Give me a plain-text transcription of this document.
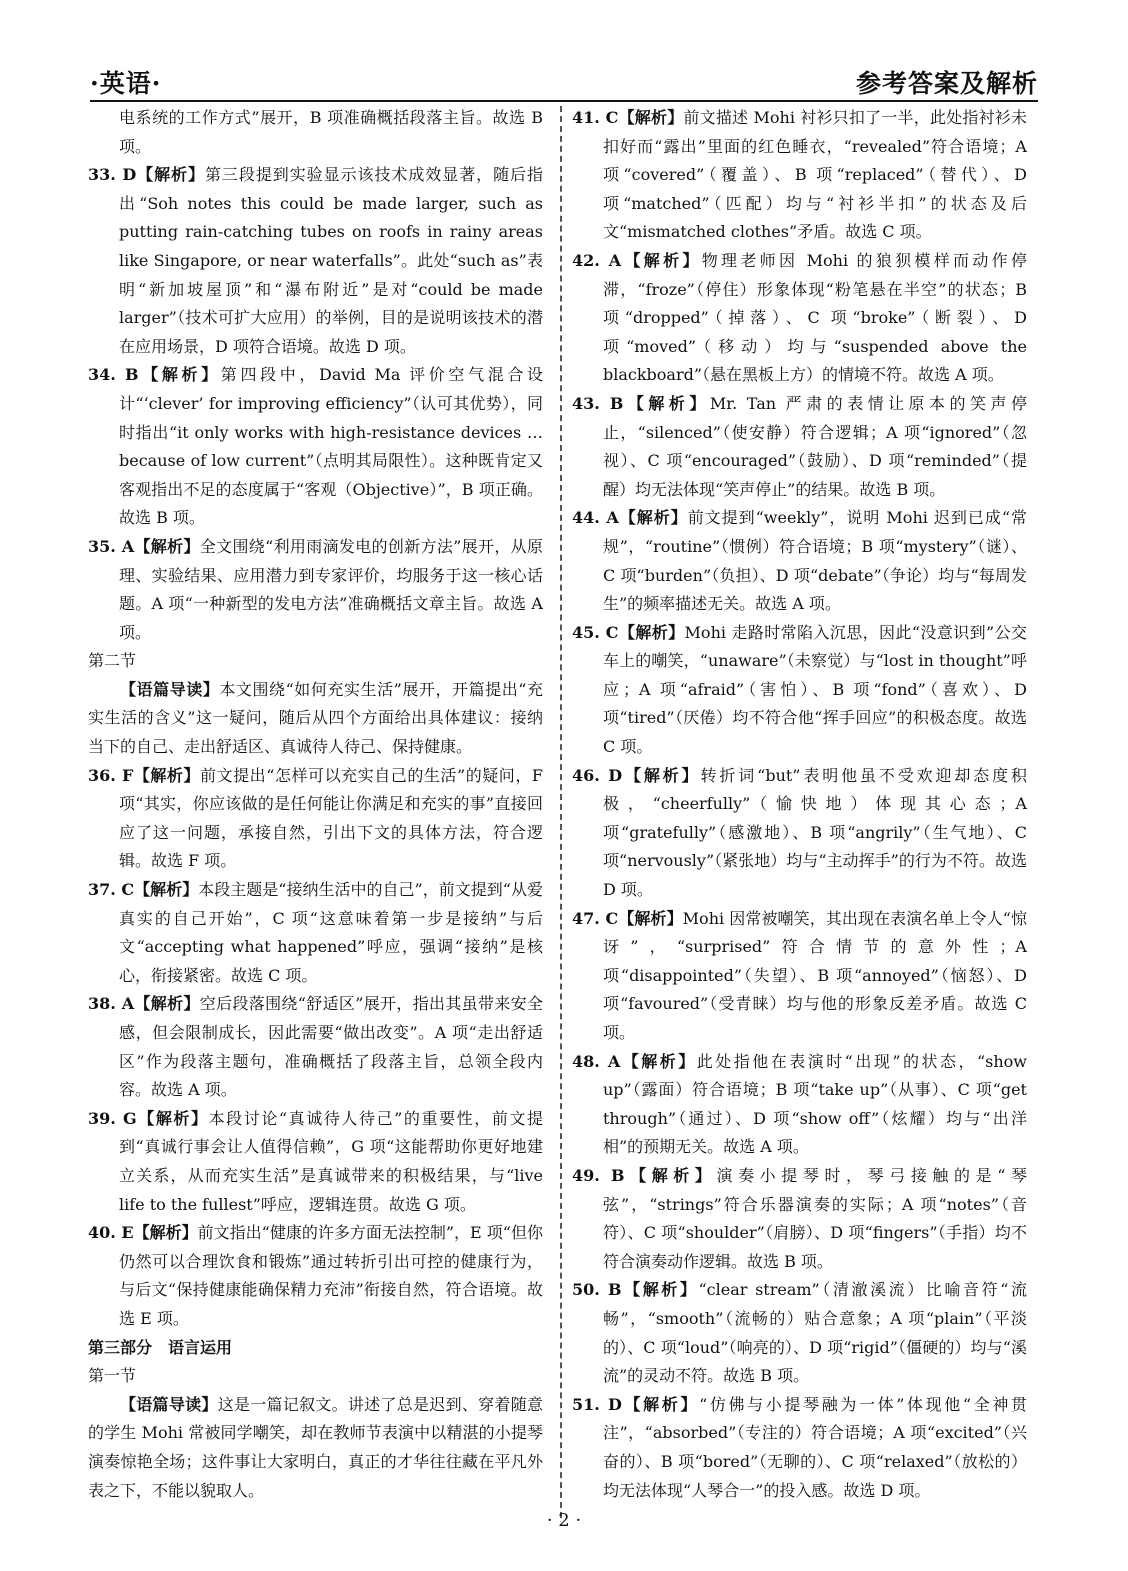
·英语·	参考答案及解析

电系统的工作方式”展开，B 项准确概括段落主旨。故选 B 项。

33. D【解析】第三段提到实验显示该技术成效显著，随后指出“Soh notes this could be made larger, such as putting rain-catching tubes on roofs in rainy areas like Singapore, or near waterfalls”。此处“such as”表明“新加坡屋顶”和“瀑布附近”是对“could be made larger”（技术可扩大应用）的举例，目的是说明该技术的潜在应用场景，D 项符合语境。故选 D 项。

34. B【解析】第四段中，David Ma 评价空气混合设计“‘clever’ for improving efficiency”（认可其优势），同时指出“it only works with high-resistance devices … because of low current”（点明其局限性）。这种既肯定又客观指出不足的态度属于“客观（Objective）”，B 项正确。故选 B 项。

35. A【解析】全文围绕“利用雨滴发电的创新方法”展开，从原理、实验结果、应用潜力到专家评价，均服务于这一核心话题。A 项“一种新型的发电方法”准确概括文章主旨。故选 A 项。

第二节

【语篇导读】本文围绕“如何充实生活”展开，开篇提出“充实生活的含义”这一疑问，随后从四个方面给出具体建议：接纳当下的自己、走出舒适区、真诚待人待己、保持健康。

36. F【解析】前文提出“怎样可以充实自己的生活”的疑问，F 项“其实，你应该做的是任何能让你满足和充实的事”直接回应了这一问题，承接自然，引出下文的具体方法，符合逻辑。故选 F 项。

37. C【解析】本段主题是“接纳生活中的自己”，前文提到“从爱真实的自己开始”，C 项“这意味着第一步是接纳”与后文“accepting what happened”呼应，强调“接纳”是核心，衔接紧密。故选 C 项。

38. A【解析】空后段落围绕“舒适区”展开，指出其虽带来安全感，但会限制成长，因此需要“做出改变”。A 项“走出舒适区”作为段落主题句，准确概括了段落主旨，总领全段内容。故选 A 项。

39. G【解析】本段讨论“真诚待人待己”的重要性，前文提到“真诚行事会让人值得信赖”，G 项“这能帮助你更好地建立关系，从而充实生活”是真诚带来的积极结果，与“live life to the fullest”呼应，逻辑连贯。故选 G 项。

40. E【解析】前文指出“健康的许多方面无法控制”，E 项“但你仍然可以合理饮食和锻炼”通过转折引出可控的健康行为，与后文“保持健康能确保精力充沛”衔接自然，符合语境。故选 E 项。

第三部分　语言运用

第一节

【语篇导读】这是一篇记叙文。讲述了总是迟到、穿着随意的学生 Mohi 常被同学嘲笑，却在教师节表演中以精湛的小提琴演奏惊艳全场；这件事让大家明白，真正的才华往往藏在平凡外表之下，不能以貌取人。

41. C【解析】前文描述 Mohi 衬衫只扣了一半，此处指衬衫未扣好而“露出”里面的红色睡衣，“revealed”符合语境；A 项“covered”（覆盖）、B 项“replaced”（替代）、D 项“matched”（匹配）均与“衬衫半扣”的状态及后文“mismatched clothes”矛盾。故选 C 项。

42. A【解析】物理老师因 Mohi 的狼狈模样而动作停滞，“froze”（停住）形象体现“粉笔悬在半空”的状态；B 项“dropped”（掉落）、C 项“broke”（断裂）、D 项“moved”（移动）均与“suspended above the blackboard”（悬在黑板上方）的情境不符。故选 A 项。

43. B【解析】Mr. Tan 严肃的表情让原本的笑声停止，“silenced”（使安静）符合逻辑；A 项“ignored”（忽视）、C 项“encouraged”（鼓励）、D 项“reminded”（提醒）均无法体现“笑声停止”的结果。故选 B 项。

44. A【解析】前文提到“weekly”，说明 Mohi 迟到已成“常规”，“routine”（惯例）符合语境；B 项“mystery”（谜）、C 项“burden”（负担）、D 项“debate”（争论）均与“每周发生”的频率描述无关。故选 A 项。

45. C【解析】Mohi 走路时常陷入沉思，因此“没意识到”公交车上的嘲笑，“unaware”（未察觉）与“lost in thought”呼应；A 项“afraid”（害怕）、B 项“fond”（喜欢）、D 项“tired”（厌倦）均不符合他“挥手回应”的积极态度。故选 C 项。

46. D【解析】转折词“but”表明他虽不受欢迎却态度积极，“cheerfully”（愉快地）体现其心态；A 项“gratefully”（感激地）、B 项“angrily”（生气地）、C 项“nervously”（紧张地）均与“主动挥手”的行为不符。故选 D 项。

47. C【解析】Mohi 因常被嘲笑，其出现在表演名单上令人“惊讶”，“surprised”符合情节的意外性；A 项“disappointed”（失望）、B 项“annoyed”（恼怒）、D 项“favoured”（受青睐）均与他的形象反差矛盾。故选 C 项。

48. A【解析】此处指他在表演时“出现”的状态，“show up”（露面）符合语境；B 项“take up”（从事）、C 项“get through”（通过）、D 项“show off”（炫耀）均与“出洋相”的预期无关。故选 A 项。

49. B【解析】演奏小提琴时，琴弓接触的是“琴弦”，“strings”符合乐器演奏的实际；A 项“notes”（音符）、C 项“shoulder”（肩膀）、D 项“fingers”（手指）均不符合演奏动作逻辑。故选 B 项。

50. B【解析】“clear stream”（清澈溪流）比喻音符“流畅”，“smooth”（流畅的）贴合意象；A 项“plain”（平淡的）、C 项“loud”（响亮的）、D 项“rigid”（僵硬的）均与“溪流”的灵动不符。故选 B 项。

51. D【解析】“仿佛与小提琴融为一体”体现他“全神贯注”，“absorbed”（专注的）符合语境；A 项“excited”（兴奋的）、B 项“bored”（无聊的）、C 项“relaxed”（放松的）均无法体现“人琴合一”的投入感。故选 D 项。

· 2 ·
